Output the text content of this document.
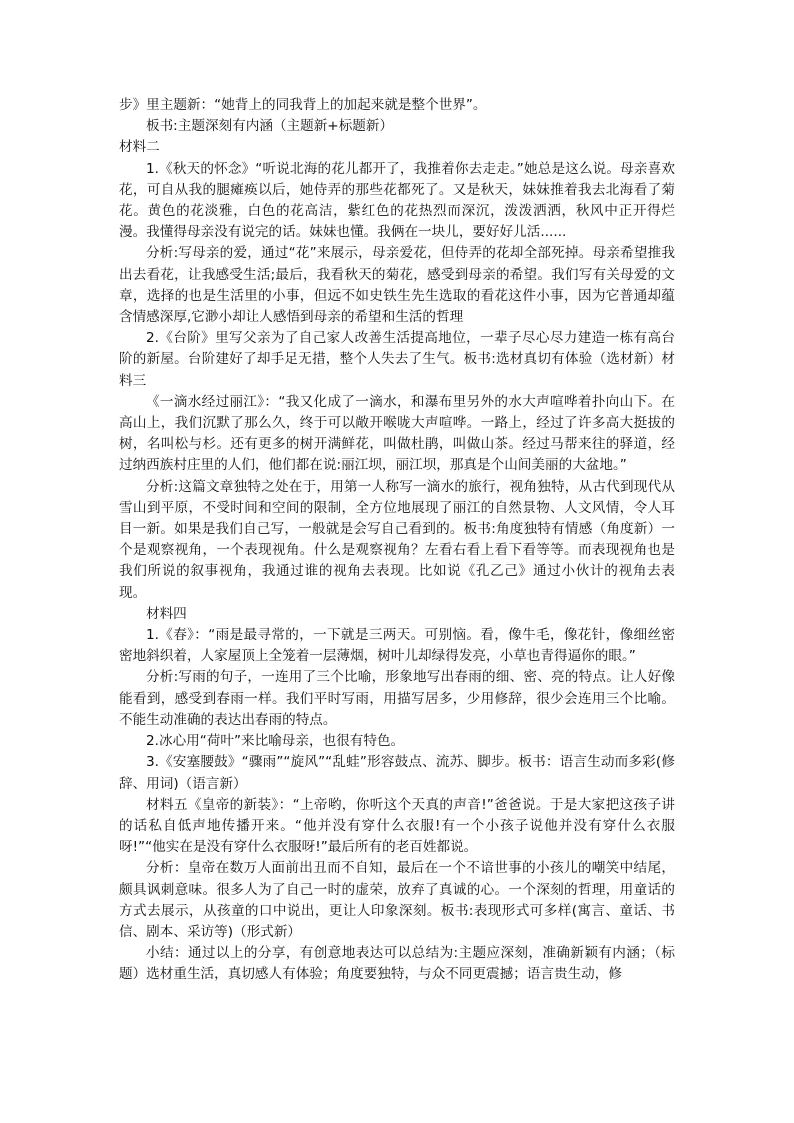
步》里主题新：“她背上的同我背上的加起来就是整个世界”。

板书:主题深刻有内涵（主题新+标题新）

材料二

1.《秋天的怀念》“听说北海的花儿都开了，我推着你去走走。”她总是这么说。母亲喜欢花，可自从我的腿瘫痪以后，她侍弄的那些花都死了。又是秋天，妹妹推着我去北海看了菊花。黄色的花淡雅，白色的花高洁，紫红色的花热烈而深沉，泼泼洒洒，秋风中正开得烂漫。我懂得母亲没有说完的话。妹妹也懂。我俩在一块儿，要好好儿活......

分析:写母亲的爱，通过“花”来展示，母亲爱花，但侍弄的花却全部死掉。母亲希望推我出去看花，让我感受生活;最后，我看秋天的菊花，感受到母亲的希望。我们写有关母爱的文章，选择的也是生活里的小事，但远不如史铁生先生选取的看花这件小事，因为它普通却蕴含情感深厚,它渺小却让人感悟到母亲的希望和生活的哲理

2.《台阶》里写父亲为了自己家人改善生活提高地位，一辈子尽心尽力建造一栋有高台阶的新屋。台阶建好了却手足无措，整个人失去了生气。板书:选材真切有体验（选材新）材料三

《一滴水经过丽江》：“我又化成了一滴水，和瀑布里另外的水大声喧哗着扑向山下。在高山上，我们沉默了那么久，终于可以敞开喉咙大声喧哗。一路上，经过了许多高大挺拔的树，名叫松与杉。还有更多的树开满鲜花，叫做杜鹃，叫做山茶。经过马帮来往的驿道，经过纳西族村庄里的人们，他们都在说:丽江坝，丽江坝，那真是个山间美丽的大盆地。”

分析:这篇文章独特之处在于，用第一人称写一滴水的旅行，视角独特，从古代到现代从雪山到平原，不受时间和空间的限制，全方位地展现了丽江的自然景物、人文风情，令人耳目一新。如果是我们自己写，一般就是会写自己看到的。板书:角度独特有情感（角度新）一个是观察视角，一个表现视角。什么是观察视角？左看右看上看下看等等。而表现视角也是我们所说的叙事视角，我通过谁的视角去表现。比如说《孔乙己》通过小伙计的视角去表现。

材料四

1.《春》：“雨是最寻常的，一下就是三两天。可别恼。看，像牛毛，像花针，像细丝密密地斜织着，人家屋顶上全笼着一层薄烟，树叶儿却绿得发亮，小草也青得逼你的眼。”

分析:写雨的句子，一连用了三个比喻，形象地写出春雨的细、密、亮的特点。让人好像能看到，感受到春雨一样。我们平时写雨，用描写居多，少用修辞，很少会连用三个比喻。不能生动准确的表达出春雨的特点。

2.冰心用“荷叶”来比喻母亲，也很有特色。

3.《安塞腰鼓》“骤雨”“旋风”“乱蛙”形容鼓点、流苏、脚步。板书：语言生动而多彩(修辞、用词)（语言新）

材料五《皇帝的新装》：“上帝哟，你听这个天真的声音!”爸爸说。于是大家把这孩子讲的话私自低声地传播开来。“他并没有穿什么衣服!有一个小孩子说他并没有穿什么衣服呀!”“他实在是没有穿什么衣服呀!”最后所有的老百姓都说。

分析：皇帝在数万人面前出丑而不自知，最后在一个不谙世事的小孩儿的嘲笑中结尾，颇具讽刺意味。很多人为了自己一时的虚荣，放弃了真诚的心。一个深刻的哲理，用童话的方式去展示，从孩童的口中说出，更让人印象深刻。板书:表现形式可多样(寓言、童话、书信、剧本、采访等)（形式新）

小结：通过以上的分享，有创意地表达可以总结为:主题应深刻，准确新颖有内涵；（标题）选材重生活，真切感人有体验；角度要独特，与众不同更震撼；语言贵生动，修
